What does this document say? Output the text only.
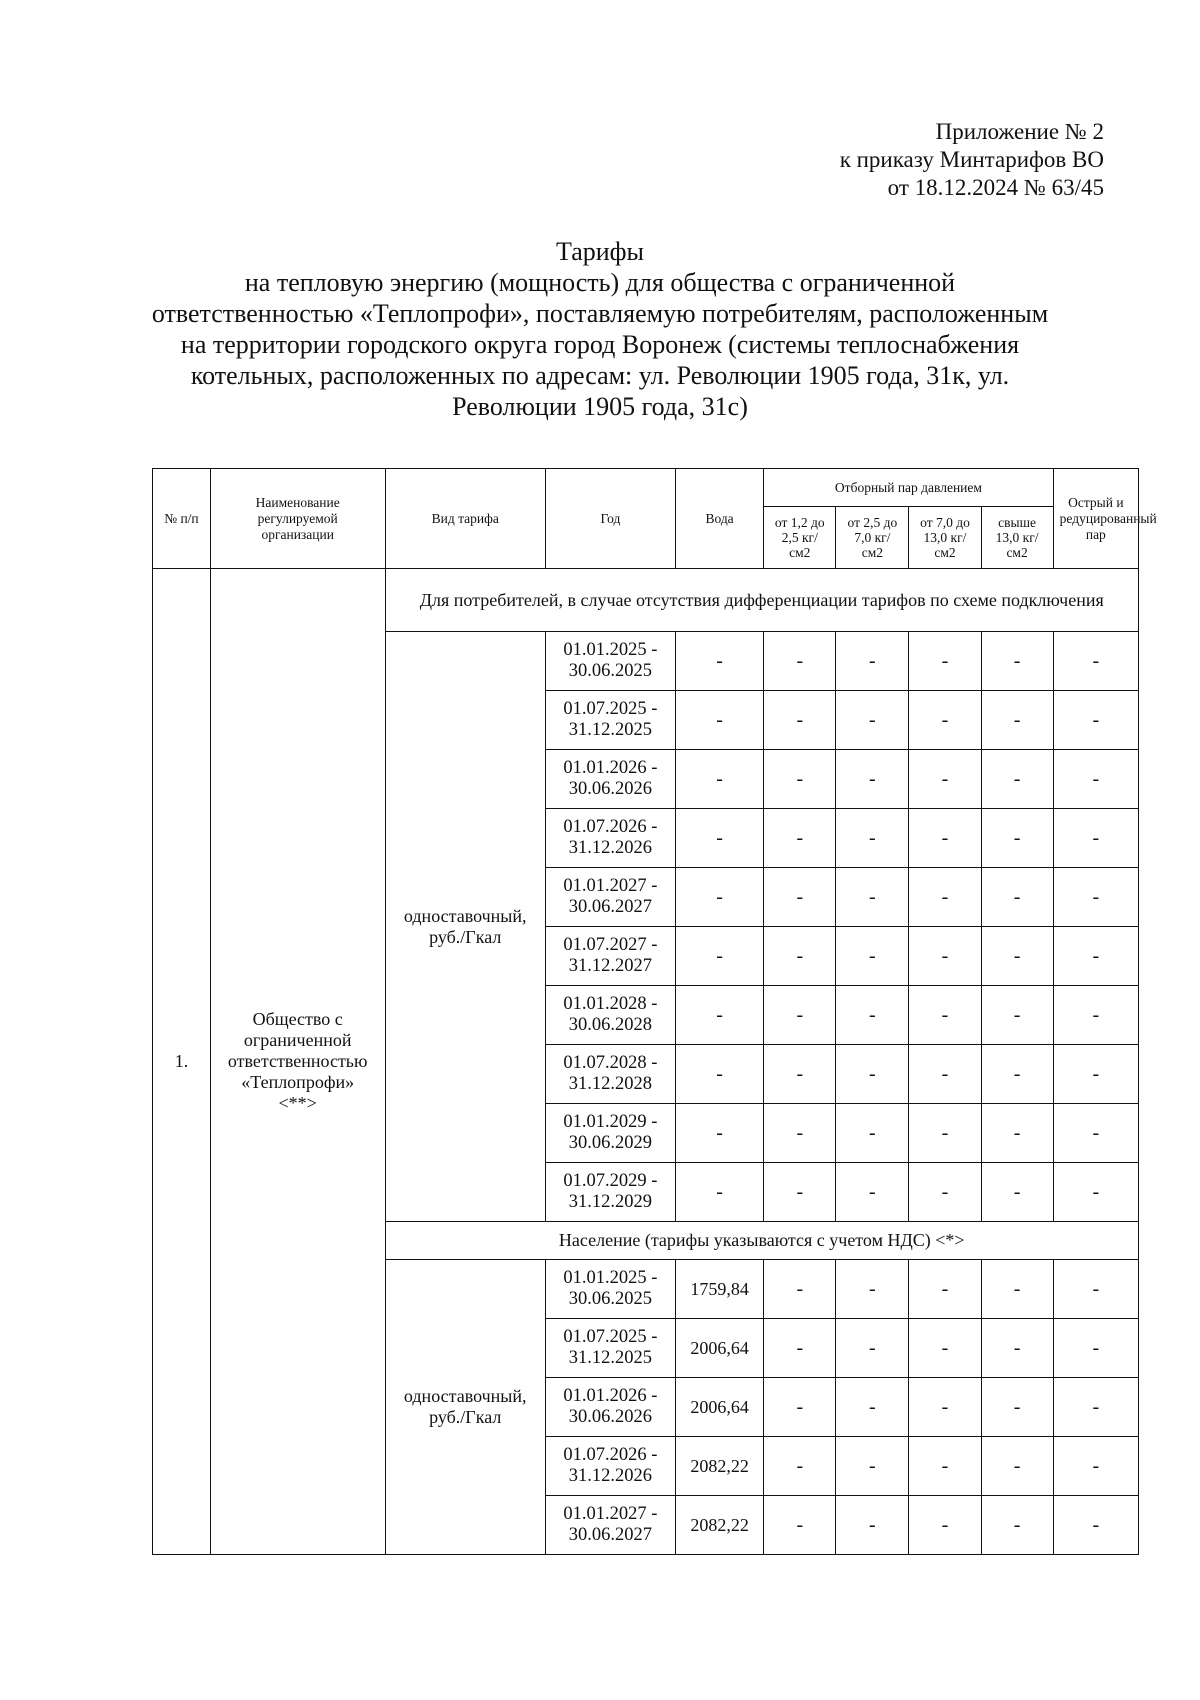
Приложение № 2
к приказу Минтарифов ВО
от 18.12.2024 № 63/45
Тарифы
на тепловую энергию (мощность) для общества с ограниченной ответственностью «Теплопрофи», поставляемую потребителям, расположенным на территории городского округа город Воронеж (системы теплоснабжения котельных, расположенных по адресам: ул. Революции 1905 года, 31к, ул. Революции 1905 года, 31с)
№ п/п	Наименование регулируемой организации	Вид тарифа	Год	Вода	Отборный пар давлением				Острый и редуцированный пар
					от 1,2 до 2,5 кг/см2	от 2,5 до 7,0 кг/см2	от 7,0 до 13,0 кг/см2	свыше 13,0 кг/см2	
1.	Общество с ограниченной ответственностью «Теплопрофи» <**>	Для потребителей, в случае отсутствия дифференциации тарифов по схеме подключения							
		одноставочный, руб./Гкал	01.01.2025 - 30.06.2025	-	-	-	-	-	-
			01.07.2025 - 31.12.2025	-	-	-	-	-	-
			01.01.2026 - 30.06.2026	-	-	-	-	-	-
			01.07.2026 - 31.12.2026	-	-	-	-	-	-
			01.01.2027 - 30.06.2027	-	-	-	-	-	-
			01.07.2027 - 31.12.2027	-	-	-	-	-	-
			01.01.2028 - 30.06.2028	-	-	-	-	-	-
			01.07.2028 - 31.12.2028	-	-	-	-	-	-
			01.01.2029 - 30.06.2029	-	-	-	-	-	-
			01.07.2029 - 31.12.2029	-	-	-	-	-	-
		Население (тарифы указываются с учетом НДС) <*>							
		одноставочный, руб./Гкал	01.01.2025 - 30.06.2025	1759,84	-	-	-	-	-
			01.07.2025 - 31.12.2025	2006,64	-	-	-	-	-
			01.01.2026 - 30.06.2026	2006,64	-	-	-	-	-
			01.07.2026 - 31.12.2026	2082,22	-	-	-	-	-
			01.01.2027 - 30.06.2027	2082,22	-	-	-	-	-
